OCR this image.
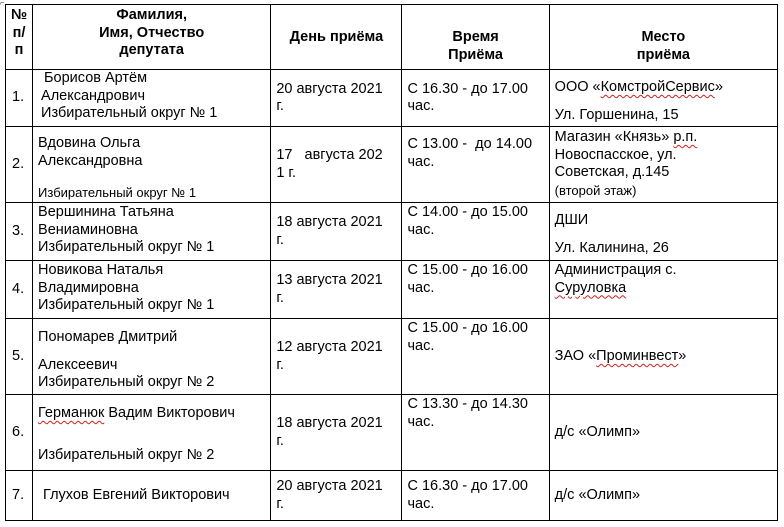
⌐
№
п/п	Фамилия,
Имя, Отчество
депутата	День приёма	Время
Приёма	Место
приёма

1.	Борисов Артём
Александрович
Избирательный округ № 1	20 августа 2021
г.	С 16.30 - до 17.00
час.	ООО «КомстройСервис»
Ул. Горшенина, 15

2.	Вдовина Ольга
Александровна
Избирательный округ № 1	17   августа 202
1 г.	С 13.00 -  до 14.00
час.	Магазин «Князь» р.п.
Новоспасское, ул.
Советская, д.145
(второй этаж)

3.	Вершинина Татьяна
Вениаминовна
Избирательный округ № 1	18 августа 2021
г.	С 14.00 - до 15.00
час.	ДШИ
Ул. Калинина, 26

4.	Новикова Наталья
Владимировна
Избирательный округ № 1	13 августа 2021
г.	С 15.00 - до 16.00
час.	Администрация с.
Суруловка

5.	Пономарев Дмитрий
Алексеевич
Избирательный округ № 2	12 августа 2021
г.	С 15.00 - до 16.00
час.	ЗАО «Проминвест»

6.	Германюк Вадим Викторович
Избирательный округ № 2	18 августа 2021
г.	С 13.30 - до 14.30
час.	д/с «Олимп»

7.	Глухов Евгений Викторович	20 августа 2021
г.	С 16.30 - до 17.00
час.	д/с «Олимп»
